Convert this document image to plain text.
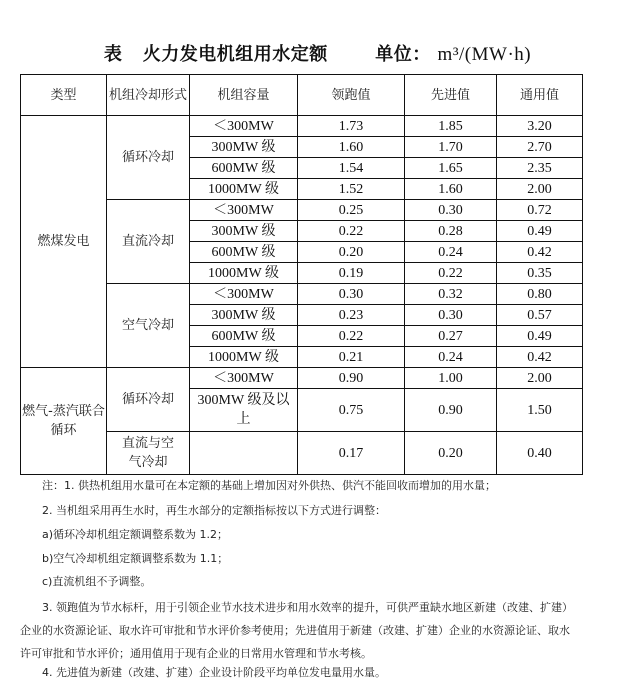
表 火力发电机组用水定额	单位： m³/(MW·h)
类型	机组冷却形式	机组容量	领跑值	先进值	通用值
燃煤发电	循环冷却	＜300MW	1.73	1.85	3.20
		300MW 级	1.60	1.70	2.70
		600MW 级	1.54	1.65	2.35
		1000MW 级	1.52	1.60	2.00
	直流冷却	＜300MW	0.25	0.30	0.72
		300MW 级	0.22	0.28	0.49
		600MW 级	0.20	0.24	0.42
		1000MW 级	0.19	0.22	0.35
	空气冷却	＜300MW	0.30	0.32	0.80
		300MW 级	0.23	0.30	0.57
		600MW 级	0.22	0.27	0.49
		1000MW 级	0.21	0.24	0.42
燃气-蒸汽联合循环	循环冷却	＜300MW	0.90	1.00	2.00
		300MW 级及以上	0.75	0.90	1.50
	直流与空气冷却		0.17	0.20	0.40

注：1. 供热机组用水量可在本定额的基础上增加因对外供热、供汽不能回收而增加的用水量；

2. 当机组采用再生水时，再生水部分的定额指标按以下方式进行调整：

a)循环冷却机组定额调整系数为 1.2；

b)空气冷却机组定额调整系数为 1.1；

c)直流机组不予调整。

3. 领跑值为节水标杆，用于引领企业节水技术进步和用水效率的提升，可供严重缺水地区新建（改建、扩建）企业的水资源论证、取水许可审批和节水评价参考使用；先进值用于新建（改建、扩建）企业的水资源论证、取水许可审批和节水评价；通用值用于现有企业的日常用水管理和节水考核。

4. 先进值为新建（改建、扩建）企业设计阶段平均单位发电量用水量。
